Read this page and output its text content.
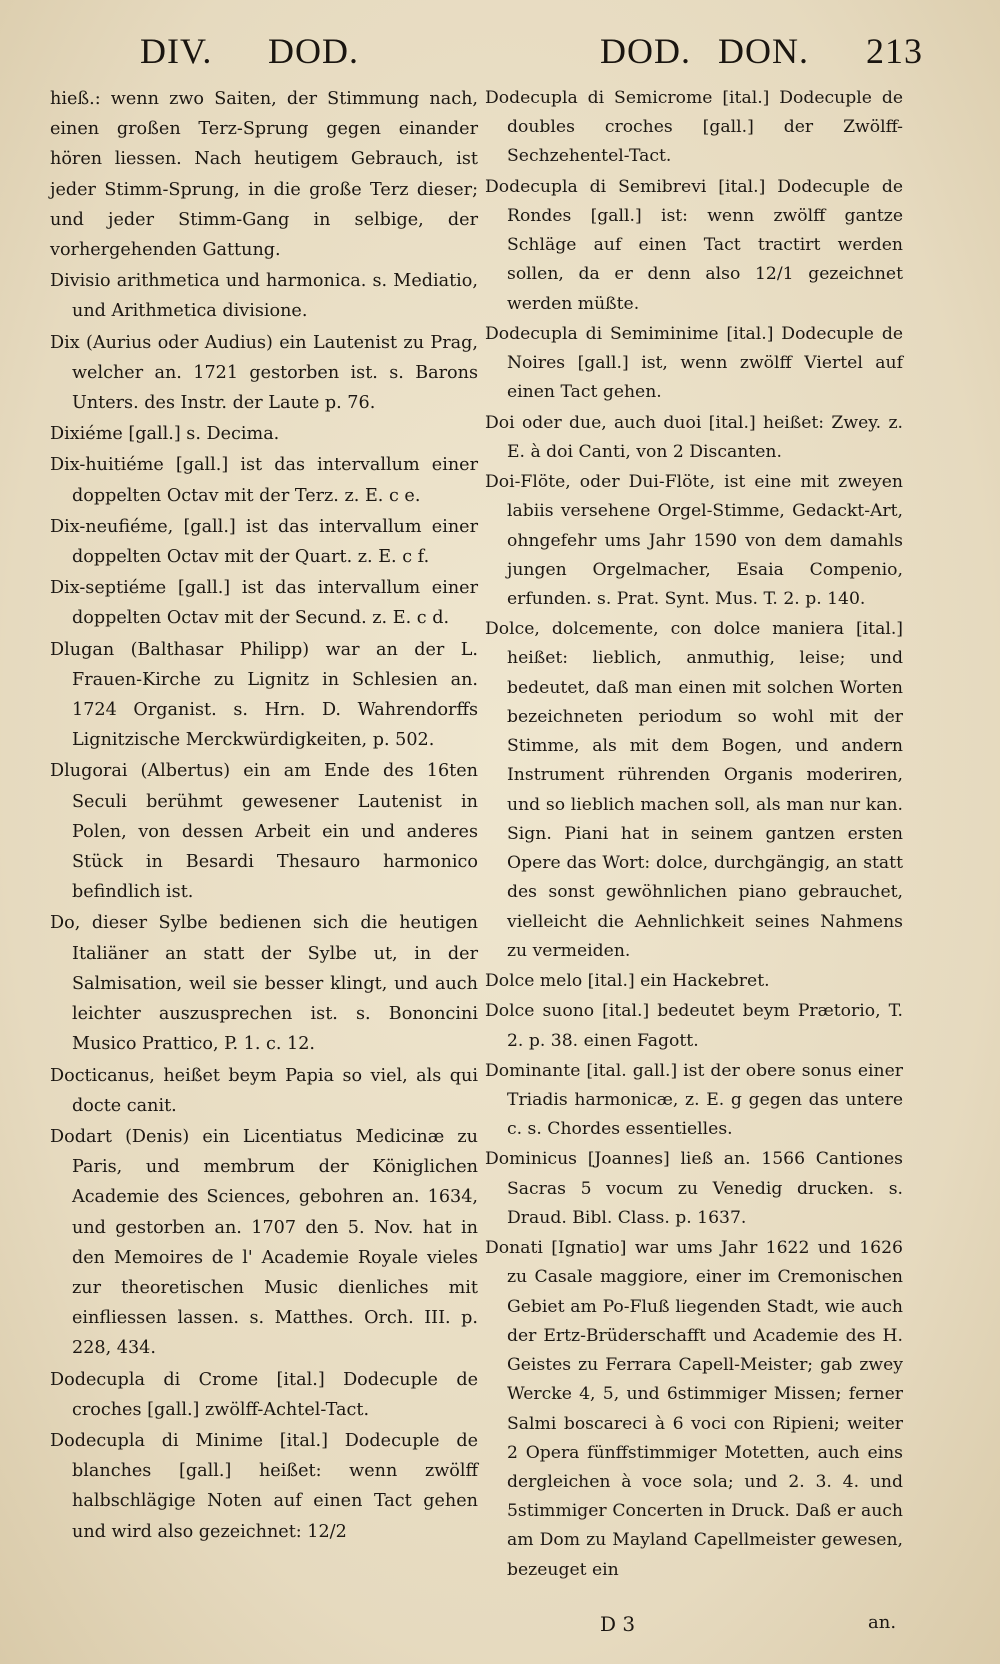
DIV. DOD.	DOD. DON. 213

hieß.: wenn zwo Saiten, der Stimmung nach, einen großen Terz-Sprung gegen einander hören liessen. Nach heutigem Gebrauch, ist jeder Stimm-Sprung, in die große Terz dieser; und jeder Stimm-Gang in selbige, der vorhergehenden Gattung.

Divisio arithmetica und harmonica. s. Mediatio, und Arithmetica divisione.

Dix (Aurius oder Audius) ein Lautenist zu Prag, welcher an. 1721 gestorben ist. s. Barons Unters. des Instr. der Laute p. 76.

Dixiéme [gall.] s. Decima.

Dix-huitiéme [gall.] ist das intervallum einer doppelten Octav mit der Terz. z. E. c e.

Dix-neufiéme, [gall.] ist das intervallum einer doppelten Octav mit der Quart. z. E. c f.

Dix-septiéme [gall.] ist das intervallum einer doppelten Octav mit der Secund. z. E. c d.

Dlugan (Balthasar Philipp) war an der L. Frauen-Kirche zu Lignitz in Schlesien an. 1724 Organist. s. Hrn. D. Wahrendorffs Lignitzische Merckwürdigkeiten, p. 502.

Dlugorai (Albertus) ein am Ende des 16ten Seculi berühmt gewesener Lautenist in Polen, von dessen Arbeit ein und anderes Stück in Besardi Thesauro harmonico befindlich ist.

Do, dieser Sylbe bedienen sich die heutigen Italiäner an statt der Sylbe ut, in der Salmisation, weil sie besser klingt, und auch leichter auszusprechen ist. s. Bononcini Musico Prattico, P. 1. c. 12.

Docticanus, heißet beym Papia so viel, als qui docte canit.

Dodart (Denis) ein Licentiatus Medicinæ zu Paris, und membrum der Königlichen Academie des Sciences, gebohren an. 1634, und gestorben an. 1707 den 5. Nov. hat in den Memoires de l' Academie Royale vieles zur theoretischen Music dienliches mit einfliessen lassen. s. Matthes. Orch. III. p. 228, 434.

Dodecupla di Crome [ital.] Dodecuple de croches [gall.] zwölff-Achtel-Tact.

Dodecupla di Minime [ital.] Dodecuple de blanches [gall.] heißet: wenn zwölff halbschlägige Noten auf einen Tact gehen und wird also gezeichnet: 12/2

Dodecupla di Semicrome [ital.] Dodecuple de doubles croches [gall.] der Zwölff-Sechzehentel-Tact.

Dodecupla di Semibrevi [ital.] Dodecuple de Rondes [gall.] ist: wenn zwölff gantze Schläge auf einen Tact tractirt werden sollen, da er denn also 12/1 gezeichnet werden müßte.

Dodecupla di Semiminime [ital.] Dodecuple de Noires [gall.] ist, wenn zwölff Viertel auf einen Tact gehen.

Doi oder due, auch duoi [ital.] heißet: Zwey. z. E. à doi Canti, von 2 Discanten.

Doi-Flöte, oder Dui-Flöte, ist eine mit zweyen labiis versehene Orgel-Stimme, Gedackt-Art, ohngefehr ums Jahr 1590 von dem damahls jungen Orgelmacher, Esaia Compenio, erfunden. s. Prat. Synt. Mus. T. 2. p. 140.

Dolce, dolcemente, con dolce maniera [ital.] heißet: lieblich, anmuthig, leise; und bedeutet, daß man einen mit solchen Worten bezeichneten periodum so wohl mit der Stimme, als mit dem Bogen, und andern Instrument rührenden Organis moderiren, und so lieblich machen soll, als man nur kan. Sign. Piani hat in seinem gantzen ersten Opere das Wort: dolce, durchgängig, an statt des sonst gewöhnlichen piano gebrauchet, vielleicht die Aehnlichkeit seines Nahmens zu vermeiden.

Dolce melo [ital.] ein Hackebret.

Dolce suono [ital.] bedeutet beym Prætorio, T. 2. p. 38. einen Fagott.

Dominante [ital. gall.] ist der obere sonus einer Triadis harmonicæ, z. E. g gegen das untere c. s. Chordes essentielles.

Dominicus [Joannes] ließ an. 1566 Cantiones Sacras 5 vocum zu Venedig drucken. s. Draud. Bibl. Class. p. 1637.

Donati [Ignatio] war ums Jahr 1622 und 1626 zu Casale maggiore, einer im Cremonischen Gebiet am Po-Fluß liegenden Stadt, wie auch der Ertz-Brüderschafft und Academie des H. Geistes zu Ferrara Capell-Meister; gab zwey Wercke 4, 5, und 6stimmiger Missen; ferner Salmi boscareci à 6 voci con Ripieni; weiter 2 Opera fünffstimmiger Motetten, auch eins dergleichen à voce sola; und 2. 3. 4. und 5stimmiger Concerten in Druck. Daß er auch am Dom zu Mayland Capellmeister gewesen, bezeuget ein

D 3	an.
